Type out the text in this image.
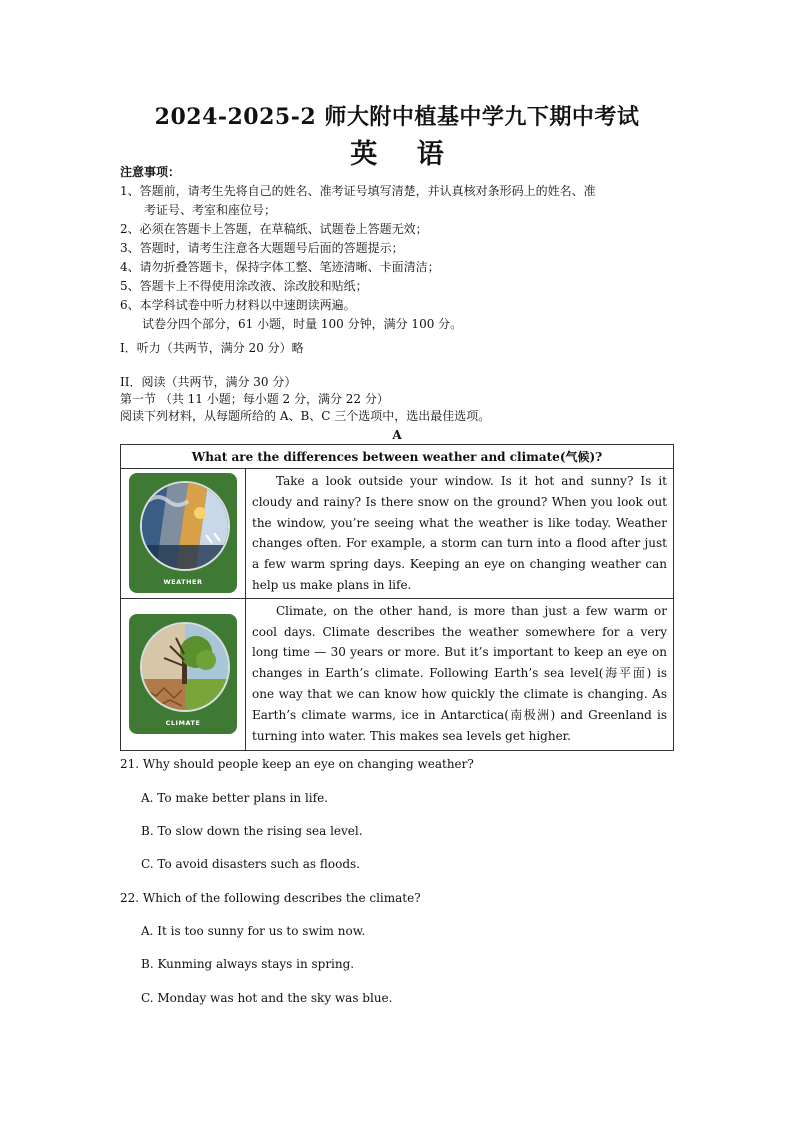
2024-2025-2 师大附中植基中学九下期中考试
英 语
注意事项：
1、答题前，请考生先将自己的姓名、准考证号填写清楚，并认真核对条形码上的姓名、准
考证号、考室和座位号；
2、必须在答题卡上答题，在草稿纸、试题卷上答题无效；
3、答题时，请考生注意各大题题号后面的答题提示；
4、请勿折叠答题卡，保持字体工整、笔迹清晰、卡面清洁；
5、答题卡上不得使用涂改液、涂改胶和贴纸；
6、本学科试卷中听力材料以中速朗读两遍。
试卷分四个部分，61 小题，时量 100 分钟，满分 100 分。
I．听力（共两节，满分 20 分）略
II．阅读（共两节，满分 30 分）
第一节 （共 11 小题；每小题 2 分，满分 22 分）
阅读下列材料，从每题所给的 A、B、C 三个选项中，选出最佳选项。
A
What are the differences between weather and climate(气候)?	

WEATHER	Take a look outside your window. Is it hot and sunny? Is it cloudy and rainy? Is there snow on the ground? When you look out the window, you’re seeing what the weather is like today. Weather changes often. For example, a storm can turn into a flood after just a few warm spring days. Keeping an eye on changing weather can help us make plans in life.

CLIMATE	Climate, on the other hand, is more than just a few warm or cool days. Climate describes the weather somewhere for a very long time — 30 years or more. But it’s important to keep an eye on changes in Earth’s climate. Following Earth’s sea level(海平面) is one way that we can know how quickly the climate is changing. As Earth’s climate warms, ice in Antarctica(南极洲) and Greenland is turning into water. This makes sea levels get higher.
21. Why should people keep an eye on changing weather?
A. To make better plans in life.
B. To slow down the rising sea level.
C. To avoid disasters such as floods.
22. Which of the following describes the climate?
A. It is too sunny for us to swim now.
B. Kunming always stays in spring.
C. Monday was hot and the sky was blue.
